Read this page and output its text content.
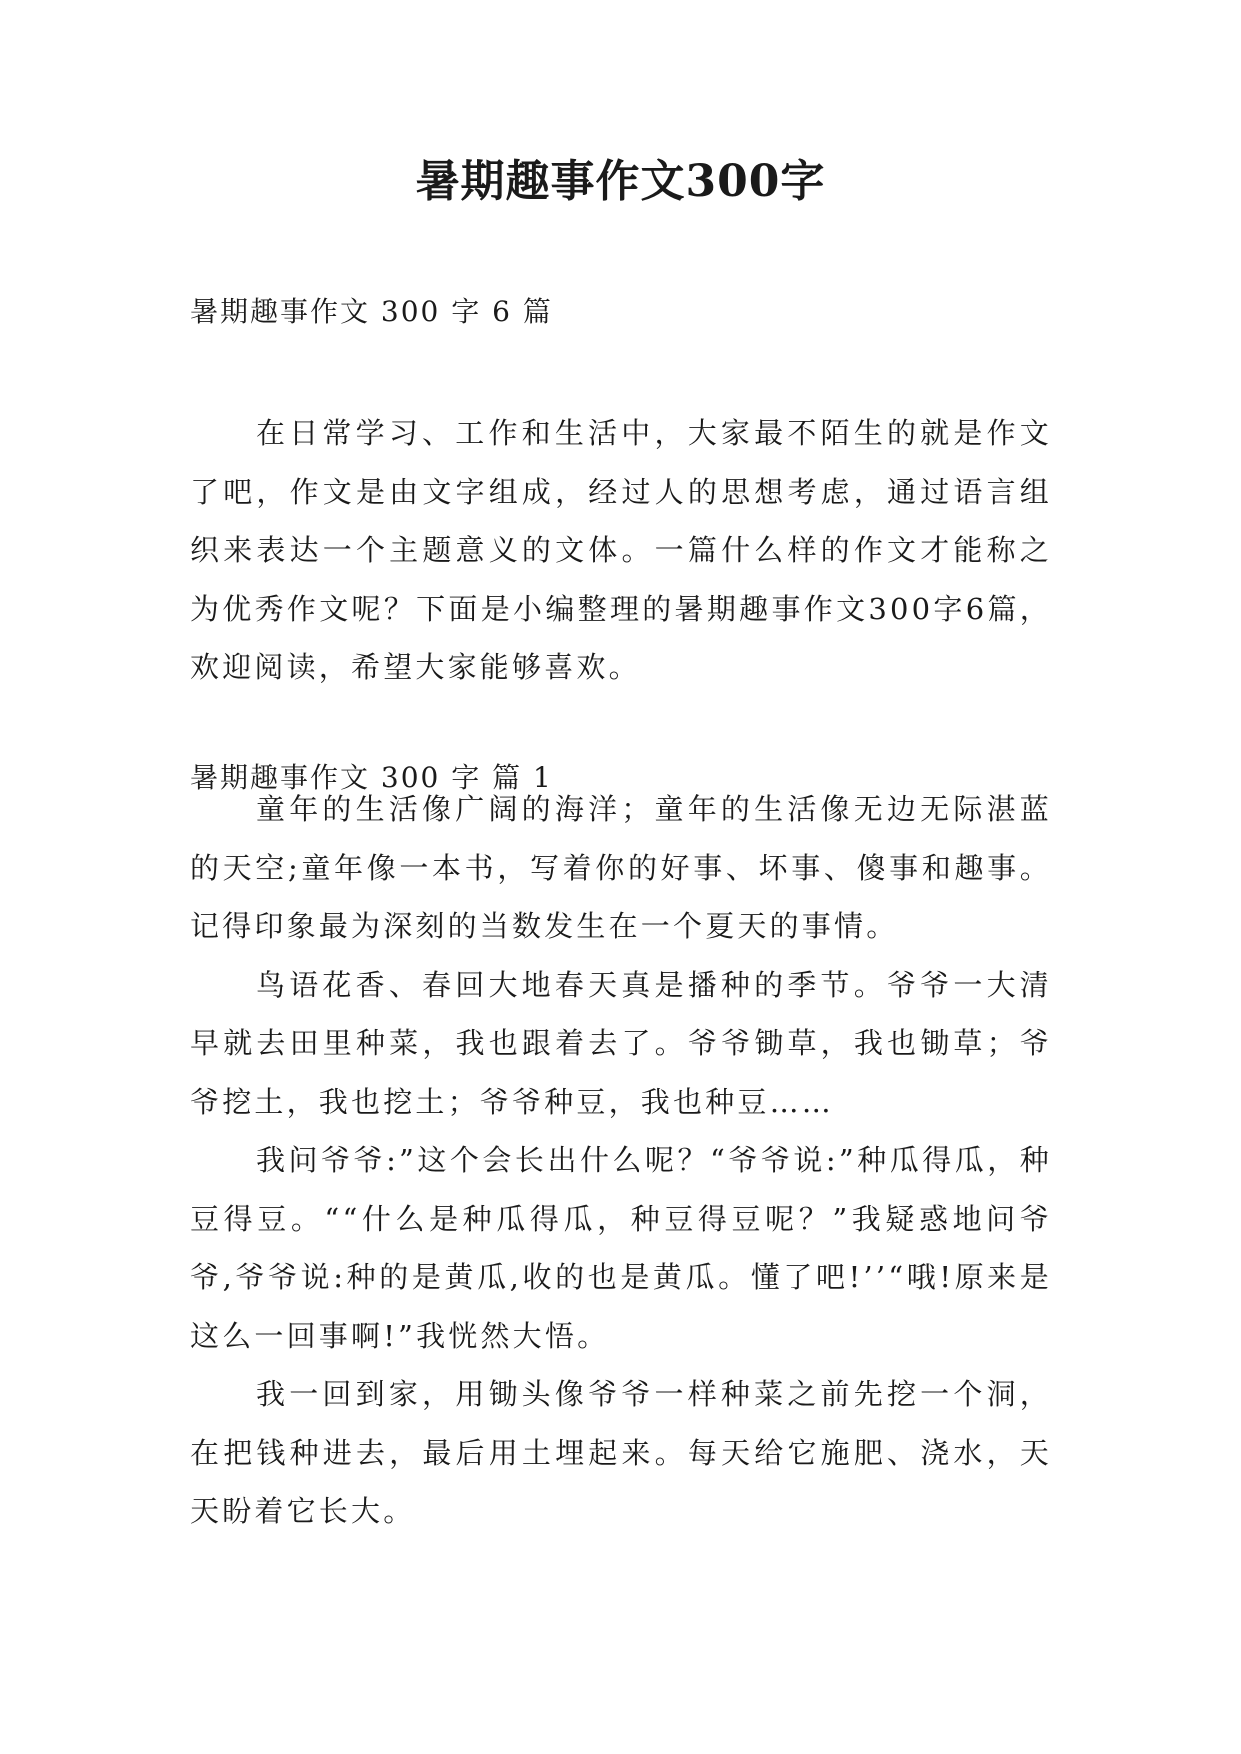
暑期趣事作文300字

暑期趣事作文 300 字 6 篇

在日常学习、工作和生活中，大家最不陌生的就是作文了吧，作文是由文字组成，经过人的思想考虑，通过语言组织来表达一个主题意义的文体。一篇什么样的作文才能称之为优秀作文呢？下面是小编整理的暑期趣事作文300字6篇，欢迎阅读，希望大家能够喜欢。

暑期趣事作文 300 字 篇 1

童年的生活像广阔的海洋；童年的生活像无边无际湛蓝的天空;童年像一本书，写着你的好事、坏事、傻事和趣事。记得印象最为深刻的当数发生在一个夏天的事情。

鸟语花香、春回大地春天真是播种的季节。爷爷一大清早就去田里种菜，我也跟着去了。爷爷锄草，我也锄草；爷爷挖土，我也挖土；爷爷种豆，我也种豆……

我问爷爷:”这个会长出什么呢？“爷爷说:”种瓜得瓜，种豆得豆。““什么是种瓜得瓜，种豆得豆呢？”我疑惑地问爷爷,爷爷说:种的是黄瓜,收的也是黄瓜。懂了吧!’’“哦!原来是这么一回事啊!”我恍然大悟。

我一回到家，用锄头像爷爷一样种菜之前先挖一个洞，在把钱种进去，最后用土埋起来。每天给它施肥、浇水，天天盼着它长大。
